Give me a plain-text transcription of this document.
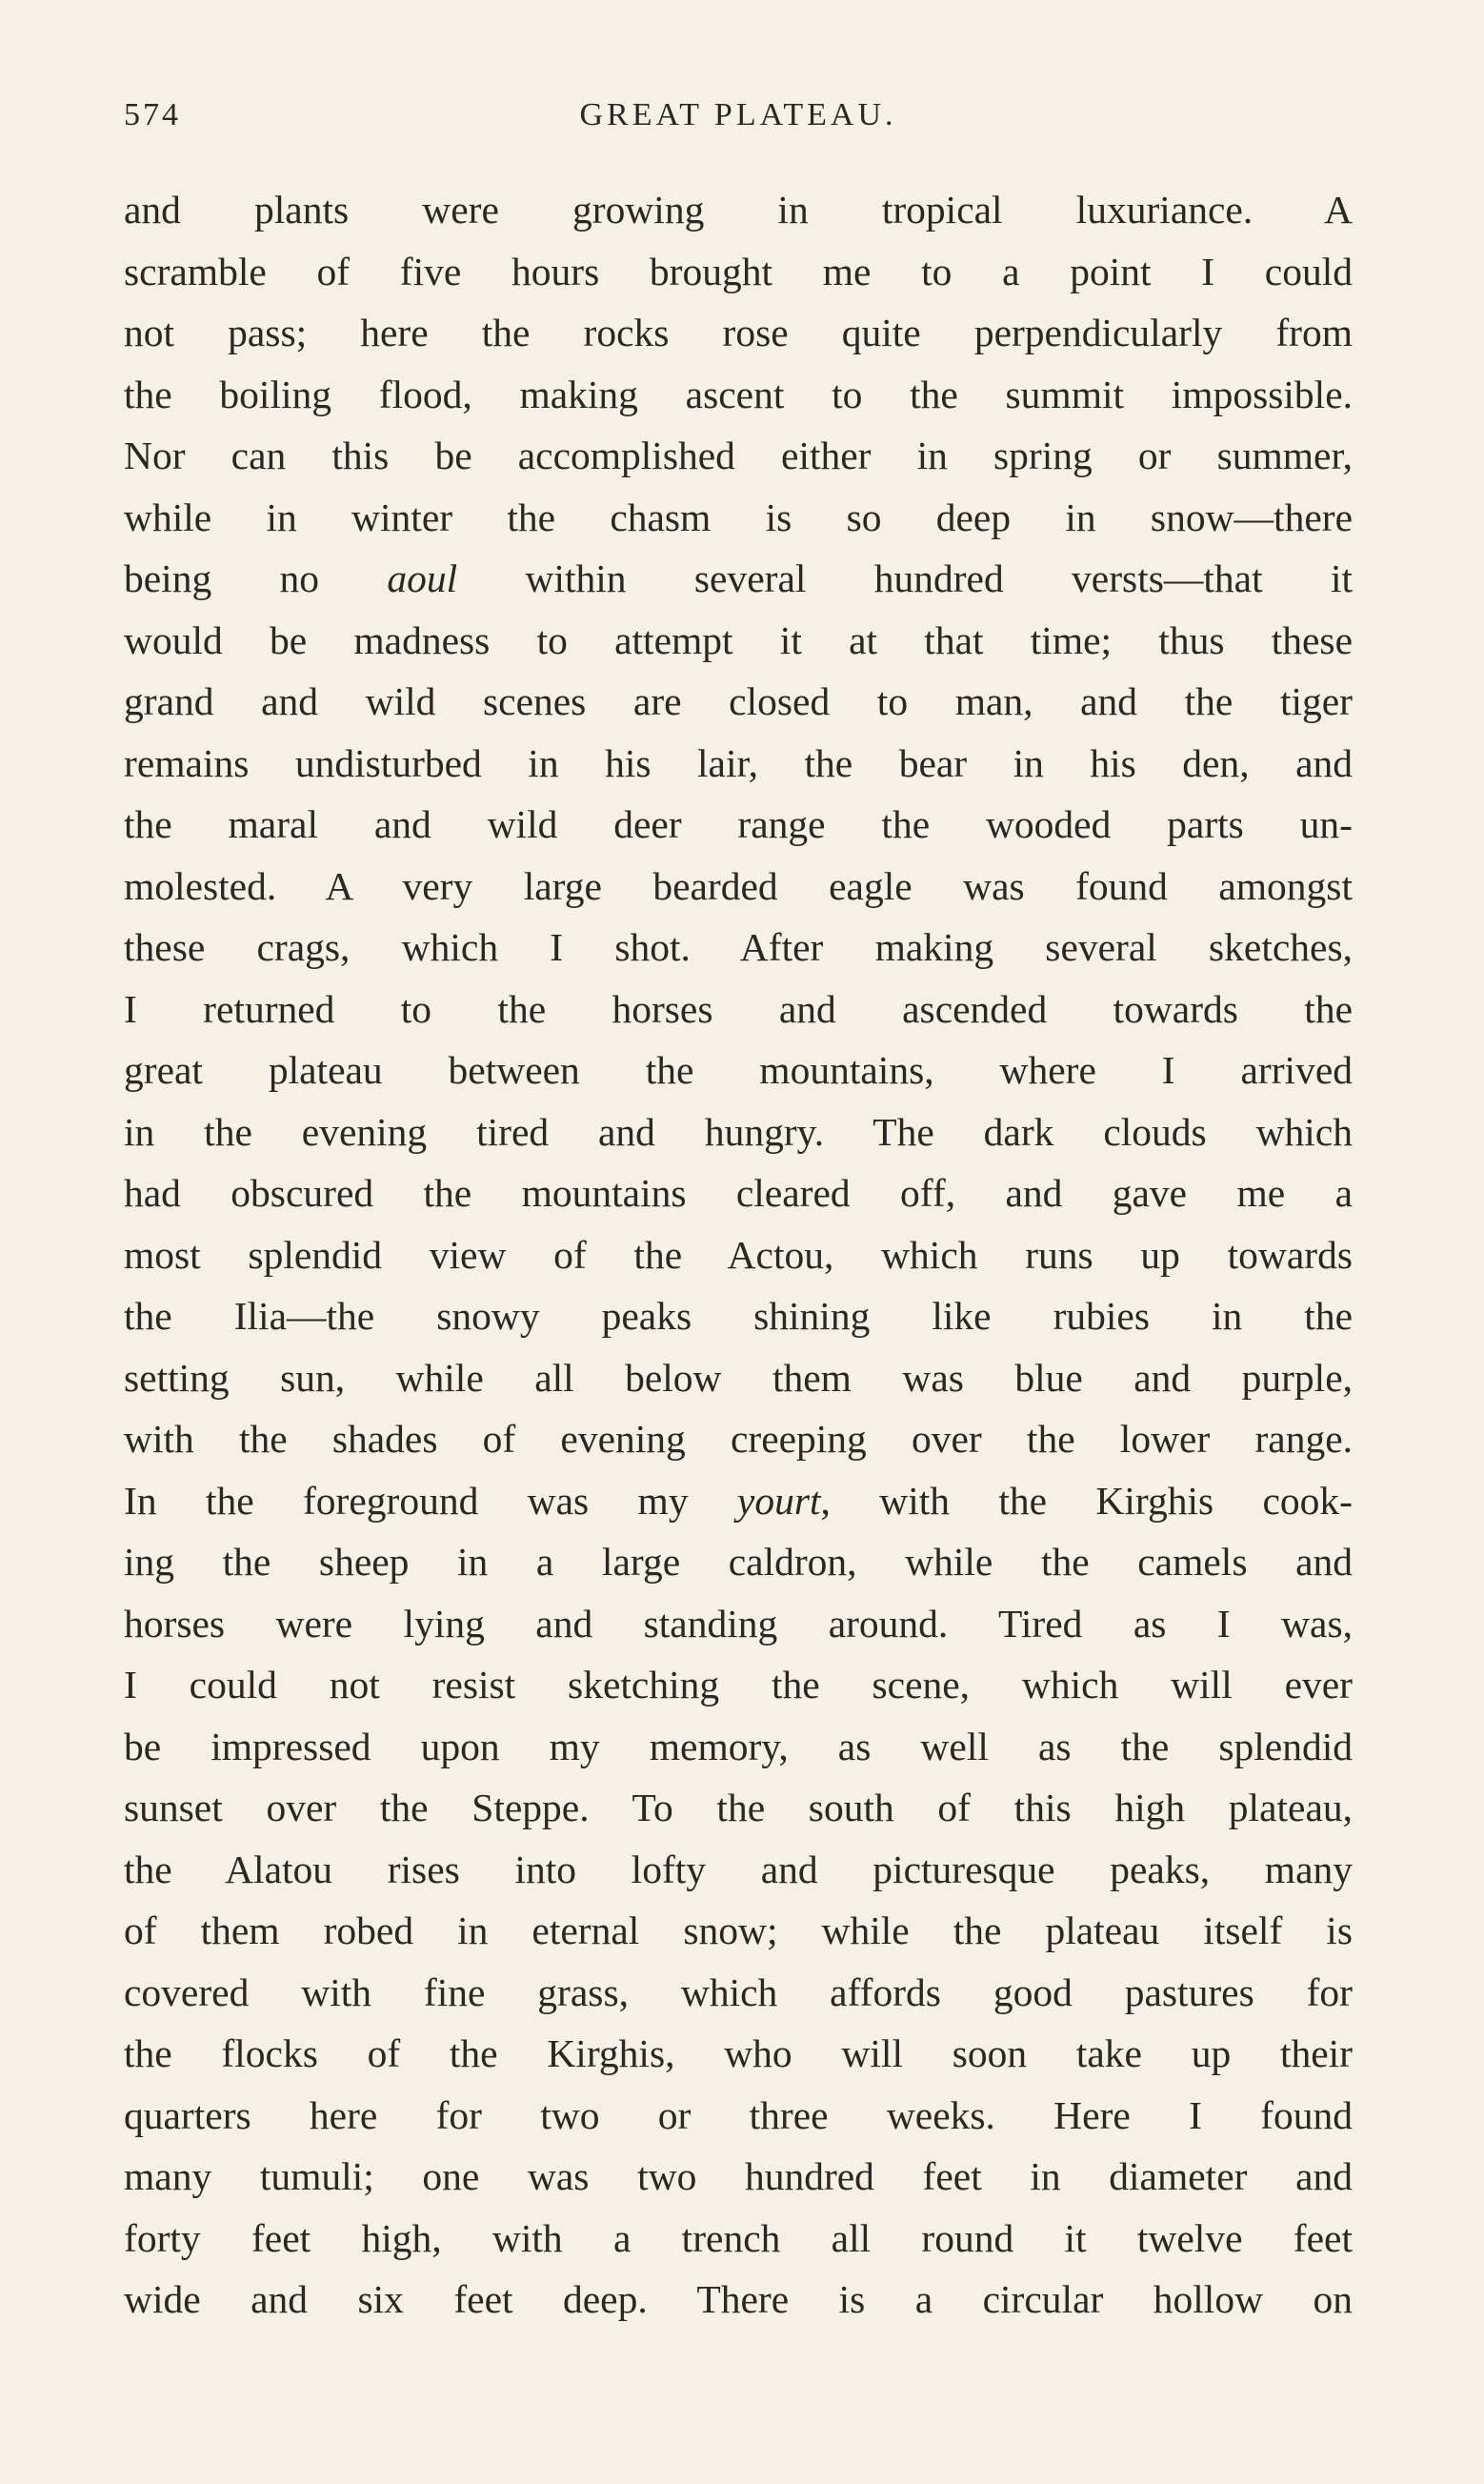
574	GREAT PLATEAU.
and plants were growing in tropical luxuriance. A
scramble of five hours brought me to a point I could
not pass; here the rocks rose quite perpendicularly from
the boiling flood, making ascent to the summit impossible.
Nor can this be accomplished either in spring or summer,
while in winter the chasm is so deep in snow—there
being no aoul within several hundred versts—that it
would be madness to attempt it at that time; thus these
grand and wild scenes are closed to man, and the tiger
remains undisturbed in his lair, the bear in his den, and
the maral and wild deer range the wooded parts un-
molested. A very large bearded eagle was found amongst
these crags, which I shot. After making several sketches,
I returned to the horses and ascended towards the
great plateau between the mountains, where I arrived
in the evening tired and hungry. The dark clouds which
had obscured the mountains cleared off, and gave me a
most splendid view of the Actou, which runs up towards
the Ilia—the snowy peaks shining like rubies in the
setting sun, while all below them was blue and purple,
with the shades of evening creeping over the lower range.
In the foreground was my yourt, with the Kirghis cook-
ing the sheep in a large caldron, while the camels and
horses were lying and standing around. Tired as I was,
I could not resist sketching the scene, which will ever
be impressed upon my memory, as well as the splendid
sunset over the Steppe. To the south of this high plateau,
the Alatou rises into lofty and picturesque peaks, many
of them robed in eternal snow; while the plateau itself is
covered with fine grass, which affords good pastures for
the flocks of the Kirghis, who will soon take up their
quarters here for two or three weeks. Here I found
many tumuli; one was two hundred feet in diameter and
forty feet high, with a trench all round it twelve feet
wide and six feet deep. There is a circular hollow on
